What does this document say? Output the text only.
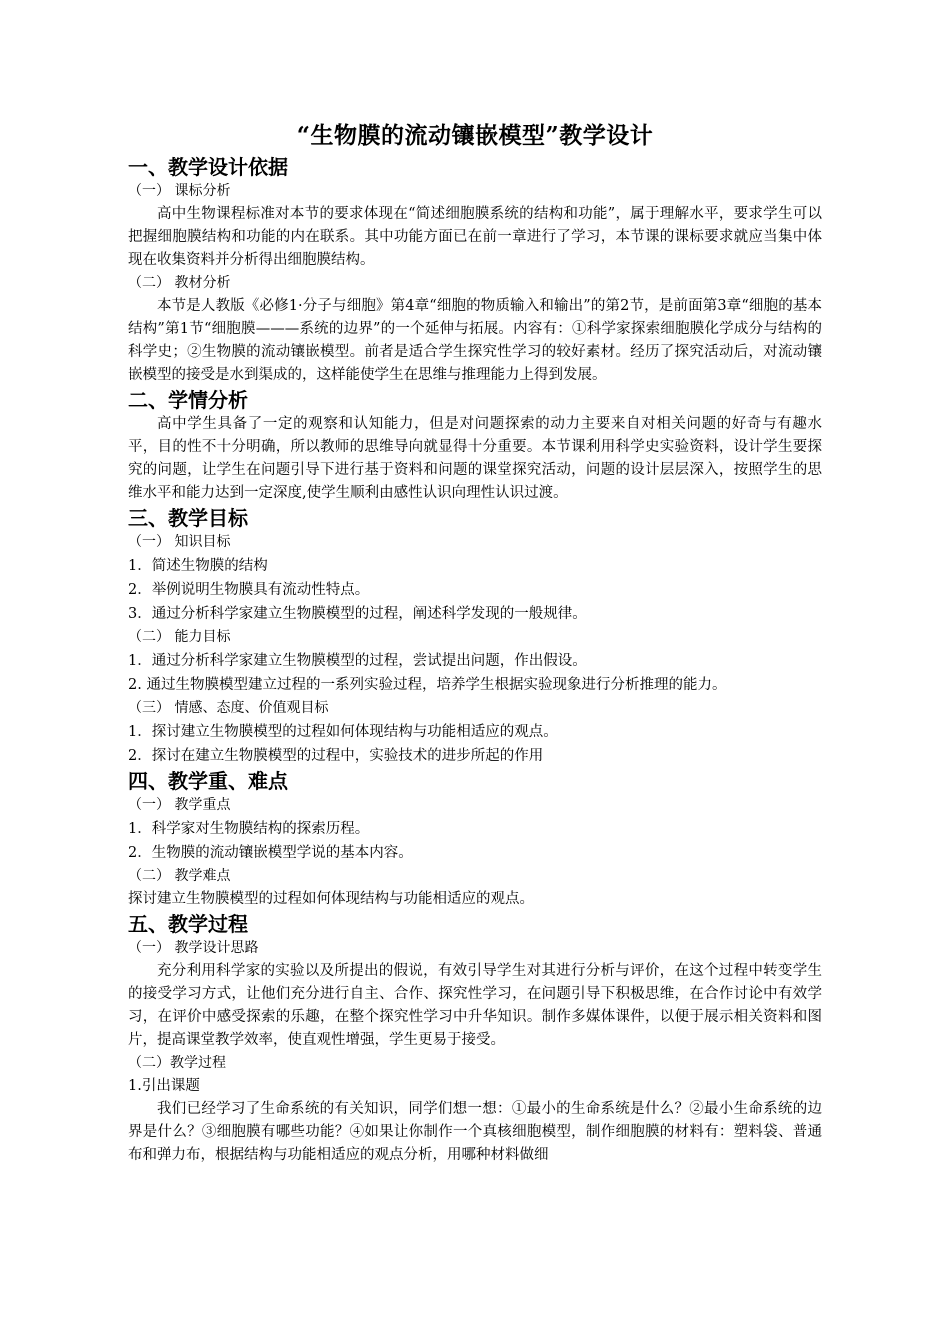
“生物膜的流动镶嵌模型”教学设计
一、教学设计依据

（一） 课标分析

高中生物课程标准对本节的要求体现在“简述细胞膜系统的结构和功能”，属于理解水平，要求学生可以把握细胞膜结构和功能的内在联系。其中功能方面已在前一章进行了学习，本节课的课标要求就应当集中体现在收集资料并分析得出细胞膜结构。

（二） 教材分析

本节是人教版《必修1·分子与细胞》第4章“细胞的物质输入和输出”的第2节，是前面第3章“细胞的基本结构”第1节“细胞膜———系统的边界”的一个延伸与拓展。内容有：①科学家探索细胞膜化学成分与结构的科学史；②生物膜的流动镶嵌模型。前者是适合学生探究性学习的较好素材。经历了探究活动后，对流动镶嵌模型的接受是水到渠成的，这样能使学生在思维与推理能力上得到发展。

二、学情分析

高中学生具备了一定的观察和认知能力，但是对问题探索的动力主要来自对相关问题的好奇与有趣水平，目的性不十分明确，所以教师的思维导向就显得十分重要。本节课利用科学史实验资料，设计学生要探究的问题，让学生在问题引导下进行基于资料和问题的课堂探究活动，问题的设计层层深入，按照学生的思维水平和能力达到一定深度,使学生顺利由感性认识向理性认识过渡。

三、教学目标

（一） 知识目标

1．简述生物膜的结构

2．举例说明生物膜具有流动性特点。

3．通过分析科学家建立生物膜模型的过程，阐述科学发现的一般规律。

（二） 能力目标

1．通过分析科学家建立生物膜模型的过程，尝试提出问题，作出假设。

2. 通过生物膜模型建立过程的一系列实验过程，培养学生根据实验现象进行分析推理的能力。

（三） 情感、态度、价值观目标

1．探讨建立生物膜模型的过程如何体现结构与功能相适应的观点。

2．探讨在建立生物膜模型的过程中，实验技术的进步所起的作用

四、教学重、难点

（一） 教学重点

1．科学家对生物膜结构的探索历程。

2．生物膜的流动镶嵌模型学说的基本内容。

（二） 教学难点

探讨建立生物膜模型的过程如何体现结构与功能相适应的观点。

五、教学过程

（一） 教学设计思路

充分利用科学家的实验以及所提出的假说，有效引导学生对其进行分析与评价，在这个过程中转变学生的接受学习方式，让他们充分进行自主、合作、探究性学习，在问题引导下积极思维，在合作讨论中有效学习，在评价中感受探索的乐趣，在整个探究性学习中升华知识。制作多媒体课件，以便于展示相关资料和图片，提高课堂教学效率，使直观性增强，学生更易于接受。

（二）教学过程

1.引出课题

我们已经学习了生命系统的有关知识，同学们想一想：①最小的生命系统是什么？②最小生命系统的边界是什么？③细胞膜有哪些功能？④如果让你制作一个真核细胞模型，制作细胞膜的材料有：塑料袋、普通布和弹力布，根据结构与功能相适应的观点分析，用哪种材料做细
